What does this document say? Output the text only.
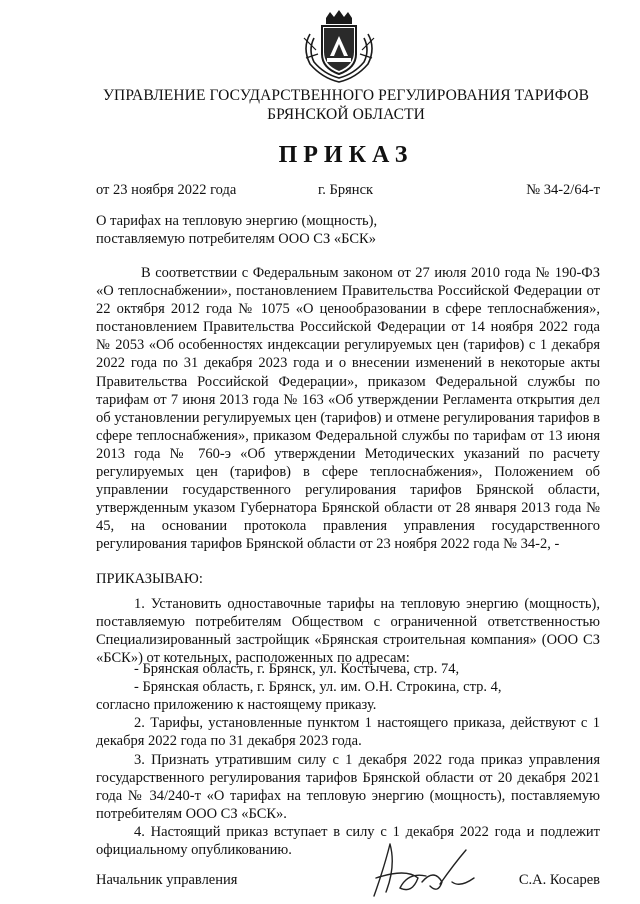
УПРАВЛЕНИЕ ГОСУДАРСТВЕННОГО РЕГУЛИРОВАНИЯ ТАРИФОВ
БРЯНСКОЙ ОБЛАСТИ
ПРИКАЗ
от 23 ноября 2022 года	г. Брянск	№ 34-2/64-т
О тарифах на тепловую энергию (мощность),
поставляемую потребителям ООО СЗ «БСК»
В соответствии с Федеральным законом от 27 июля 2010 года № 190-ФЗ «О теплоснабжении», постановлением Правительства Российской Федерации от 22 октября 2012 года № 1075 «О ценообразовании в сфере теплоснабжения», постановлением Правительства Российской Федерации от 14 ноября 2022 года № 2053 «Об особенностях индексации регулируемых цен (тарифов) с 1 декабря 2022 года по 31 декабря 2023 года и о внесении изменений в некоторые акты Правительства Российской Федерации», приказом Федеральной службы по тарифам от 7 июня 2013 года № 163 «Об утверждении Регламента открытия дел об установлении регулируемых цен (тарифов) и отмене регулирования тарифов в сфере теплоснабжения», приказом Федеральной службы по тарифам от 13 июня 2013 года № 760-э «Об утверждении Методических указаний по расчету регулируемых цен (тарифов) в сфере теплоснабжения», Положением об управлении государственного регулирования тарифов Брянской области, утвержденным указом Губернатора Брянской области от 28 января 2013 года № 45, на основании протокола правления управления государственного регулирования тарифов Брянской области от 23 ноября 2022 года № 34-2, -
ПРИКАЗЫВАЮ:
1. Установить одноставочные тарифы на тепловую энергию (мощность), поставляемую потребителям Обществом с ограниченной ответственностью Специализированный застройщик «Брянская строительная компания» (ООО СЗ «БСК») от котельных, расположенных по адресам:
- Брянская область, г. Брянск, ул. Костычева, стр. 74,
- Брянская область, г. Брянск, ул. им. О.Н. Строкина, стр. 4,
согласно приложению к настоящему приказу.
2. Тарифы, установленные пунктом 1 настоящего приказа, действуют с 1 декабря 2022 года по 31 декабря 2023 года.
3. Признать утратившим силу с 1 декабря 2022 года приказ управления государственного регулирования тарифов Брянской области от 20 декабря 2021 года № 34/240-т «О тарифах на тепловую энергию (мощность), поставляемую потребителям ООО СЗ «БСК».
4. Настоящий приказ вступает в силу с 1 декабря 2022 года и подлежит официальному опубликованию.
Начальник управления	С.А. Косарев
